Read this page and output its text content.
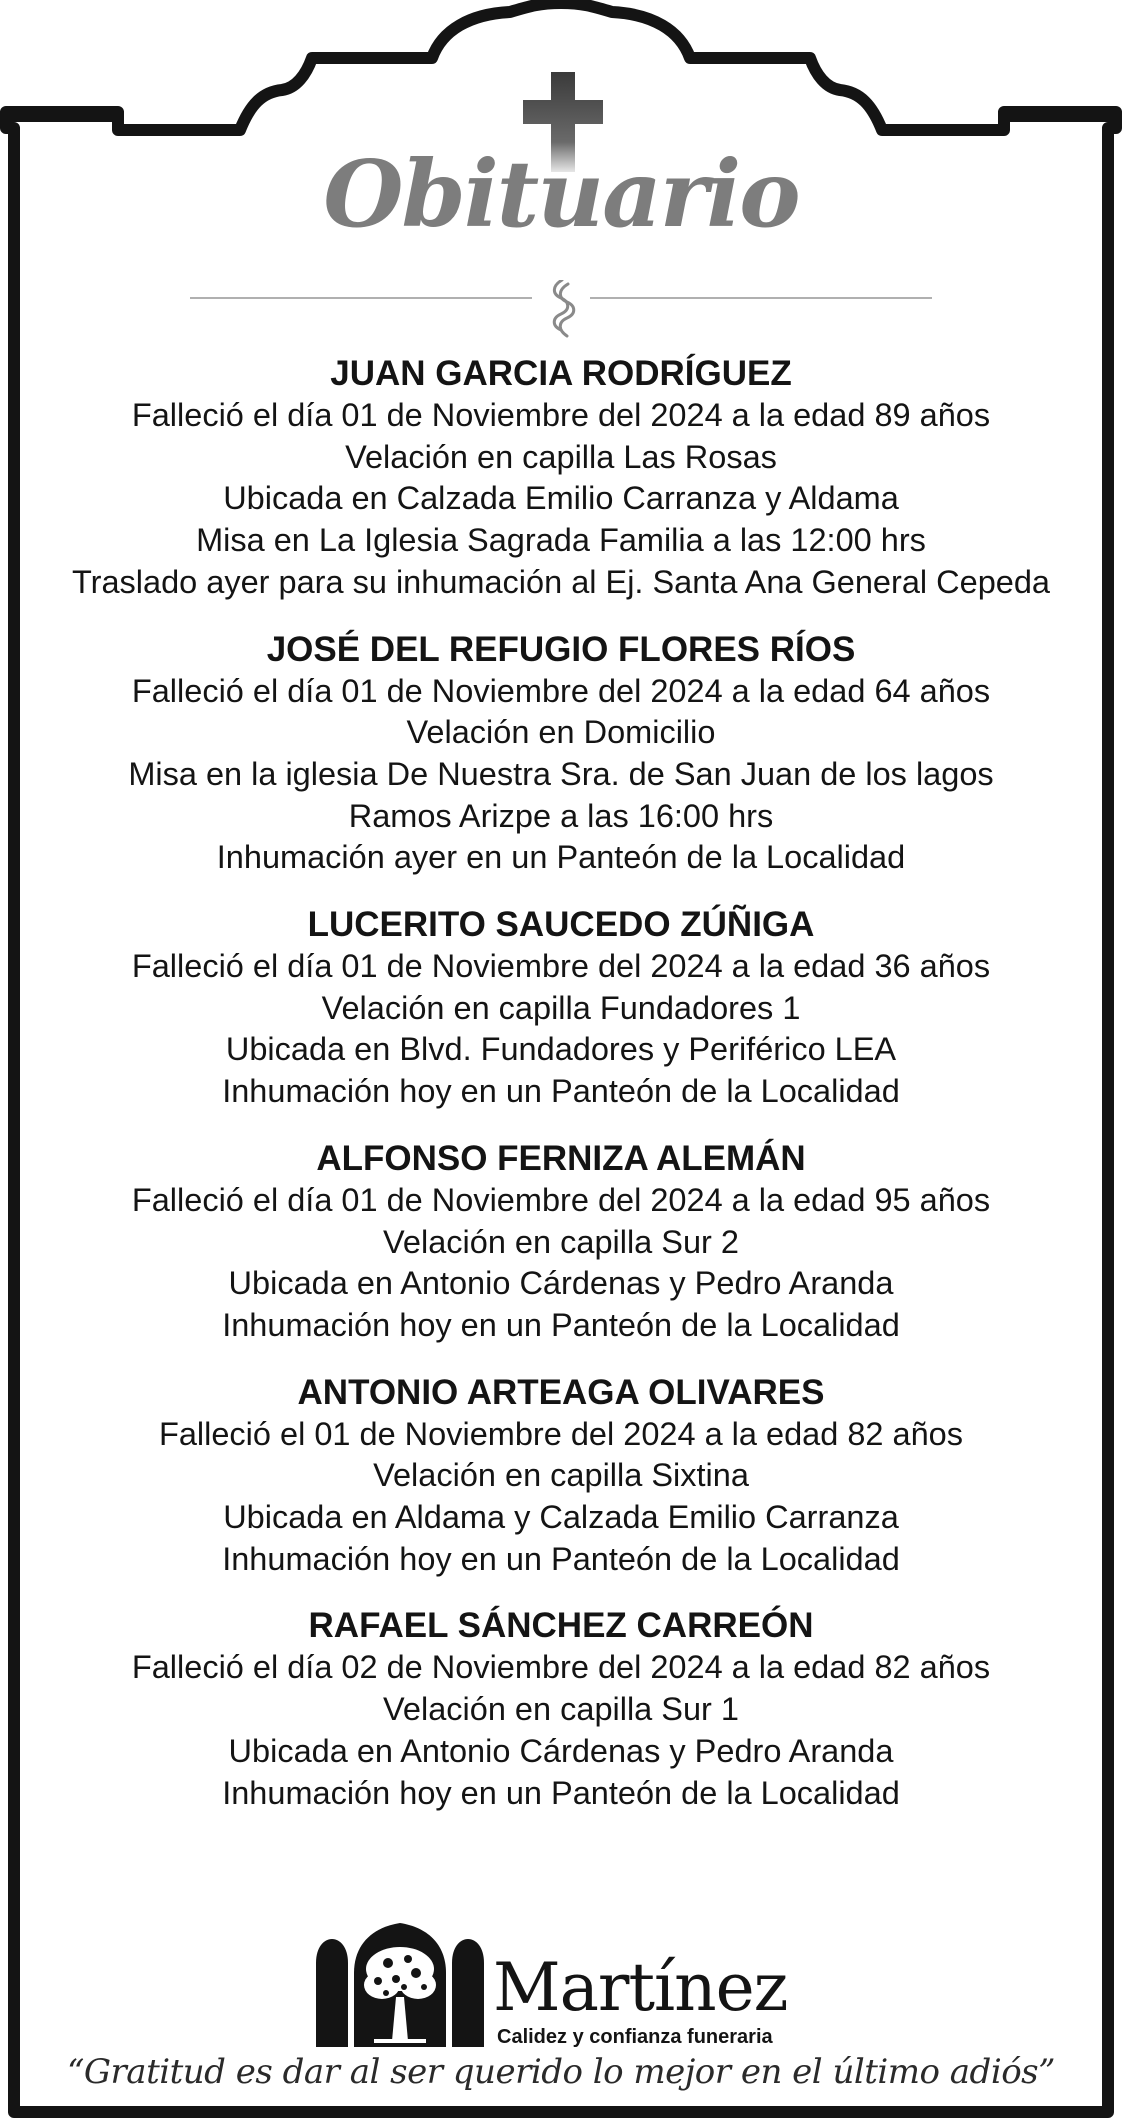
Obituario
JUAN GARCIA RODRÍGUEZ
Falleció el día 01 de Noviembre del 2024 a la edad 89 años
Velación en capilla Las Rosas
Ubicada en Calzada Emilio Carranza y Aldama
Misa en La Iglesia Sagrada Familia a las 12:00 hrs
Traslado ayer para su inhumación al Ej. Santa Ana General Cepeda
JOSÉ DEL REFUGIO FLORES RÍOS
Falleció el día 01 de Noviembre del 2024 a la edad 64 años
Velación en Domicilio
Misa en la iglesia De Nuestra Sra. de San Juan de los lagos
Ramos Arizpe a las 16:00 hrs
Inhumación ayer en un Panteón de la Localidad
LUCERITO SAUCEDO ZÚÑIGA
Falleció el día 01 de Noviembre del 2024 a la edad 36 años
Velación en capilla Fundadores 1
Ubicada en Blvd. Fundadores y Periférico LEA
Inhumación hoy en un Panteón de la Localidad
ALFONSO FERNIZA ALEMÁN
Falleció el día 01 de Noviembre del 2024 a la edad 95 años
Velación en capilla Sur 2
Ubicada en Antonio Cárdenas y Pedro Aranda
Inhumación hoy en un Panteón de la Localidad
ANTONIO ARTEAGA OLIVARES
Falleció el 01 de Noviembre del 2024 a la edad 82 años
Velación en capilla Sixtina
Ubicada en Aldama y Calzada Emilio Carranza
Inhumación hoy en un Panteón de la Localidad
RAFAEL SÁNCHEZ CARREÓN
Falleció el día 02 de Noviembre del 2024 a la edad 82 años
Velación en capilla Sur 1
Ubicada en Antonio Cárdenas y Pedro Aranda
Inhumación hoy en un Panteón de la Localidad
Martínez
Calidez y confianza funeraria
“Gratitud es dar al ser querido lo mejor en el último adiós”
